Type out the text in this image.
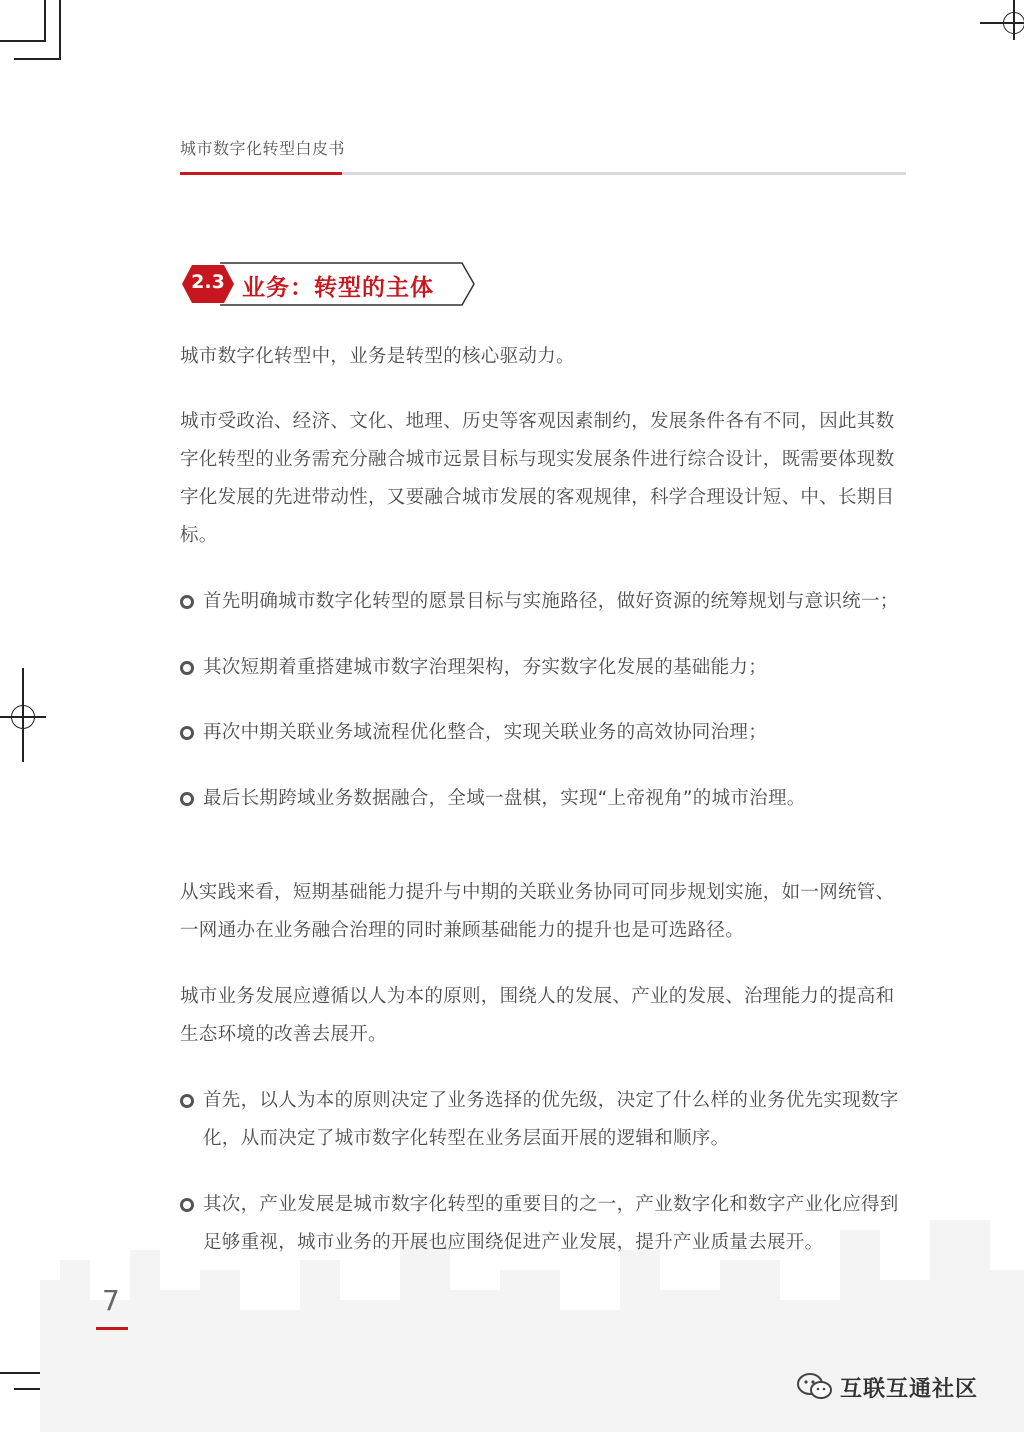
城市数字化转型白皮书
2.3 业务：转型的主体
城市数字化转型中，业务是转型的核心驱动力。
城市受政治、经济、文化、地理、历史等客观因素制约，发展条件各有不同，因此其数字化转型的业务需充分融合城市远景目标与现实发展条件进行综合设计，既需要体现数字化发展的先进带动性，又要融合城市发展的客观规律，科学合理设计短、中、长期目标。
首先明确城市数字化转型的愿景目标与实施路径，做好资源的统筹规划与意识统一；
其次短期着重搭建城市数字治理架构，夯实数字化发展的基础能力；
再次中期关联业务域流程优化整合，实现关联业务的高效协同治理；
最后长期跨域业务数据融合，全域一盘棋，实现“上帝视角”的城市治理。
从实践来看，短期基础能力提升与中期的关联业务协同可同步规划实施，如一网统管、一网通办在业务融合治理的同时兼顾基础能力的提升也是可选路径。
城市业务发展应遵循以人为本的原则，围绕人的发展、产业的发展、治理能力的提高和生态环境的改善去展开。
首先，以人为本的原则决定了业务选择的优先级，决定了什么样的业务优先实现数字化，从而决定了城市数字化转型在业务层面开展的逻辑和顺序。
其次，产业发展是城市数字化转型的重要目的之一，产业数字化和数字产业化应得到足够重视，城市业务的开展也应围绕促进产业发展，提升产业质量去展开。
7
互联互通社区
